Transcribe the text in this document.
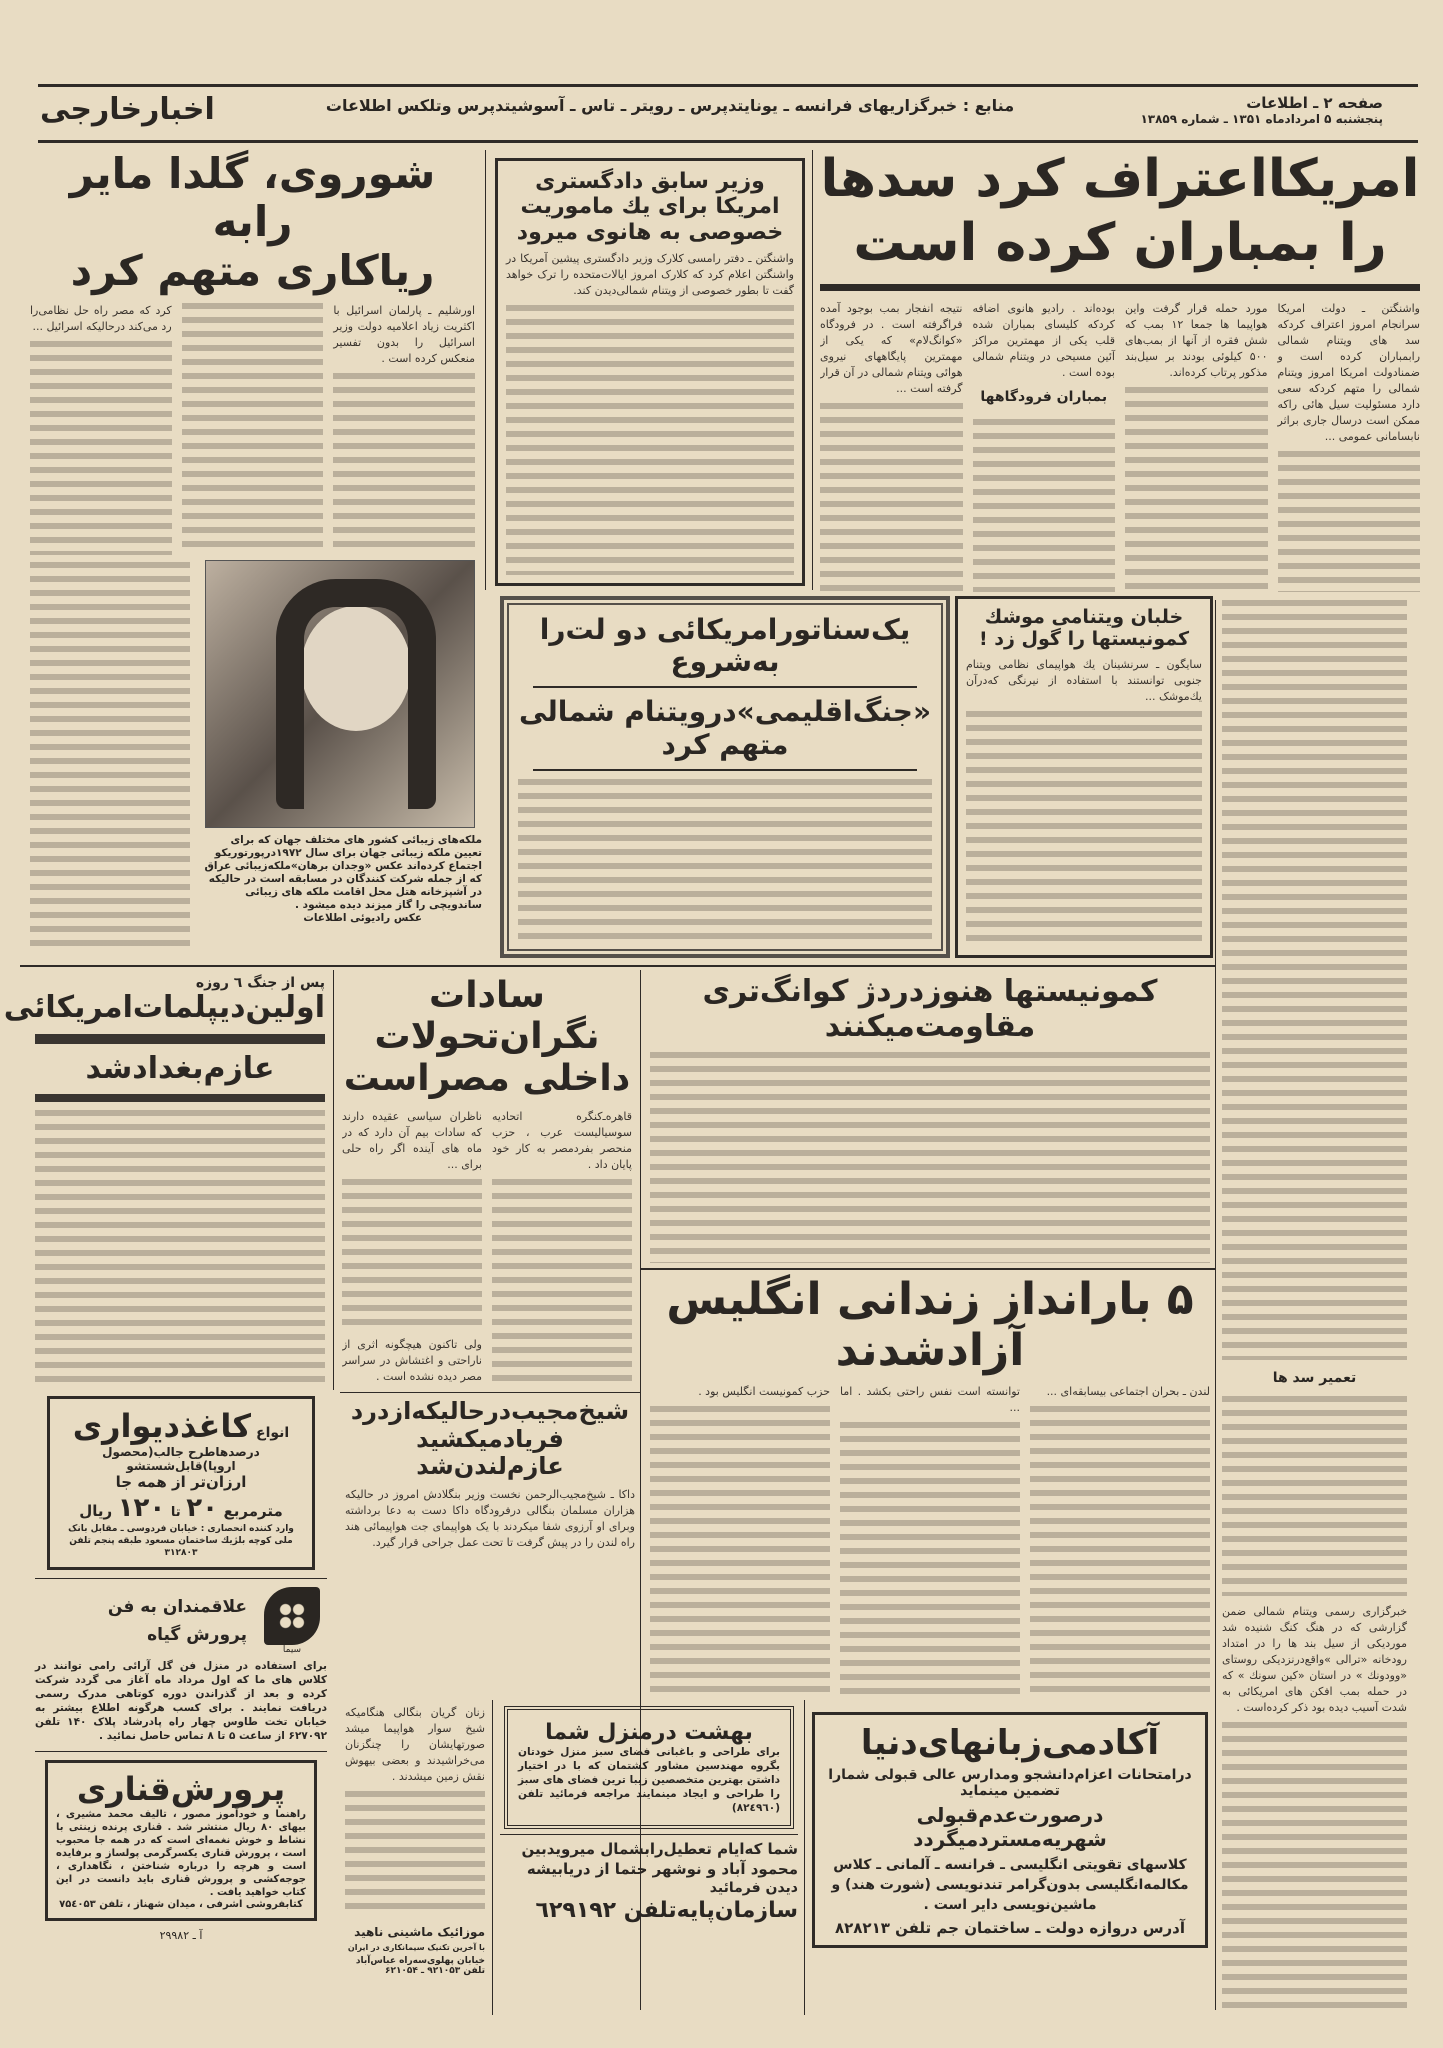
صفحه ۲ ـ اطلاعات
پنجشنبه ۵ امردادماه ۱۳۵۱ ـ شماره ۱۳۸۵۹
منابع : خبرگزاریهای فرانسه ـ یونایتدپرس ـ رویتر ـ تاس ـ آسوشیتدپرس وتلکس اطلاعات
اخبارخارجی
امریکااعتراف کرد سدها
را بمباران کرده است

واشنگتن ـ دولت امریکا سرانجام امروز اعتراف کردکه سد های ویتنام شمالی رابمباران کرده است و ضمنادولت امریکا امروز ویتنام شمالی را متهم کردکه سعی دارد مسئولیت سیل هائی راکه ممکن است درسال جاری براثر نابسامانی عمومی ...

مورد حمله قرار گرفت واین هواپیما ها جمعا ۱۲ بمب که شش فقره از آنها از بمب‌های ۵۰۰ کیلوئی بودند بر سیل‌بند مذکور پرتاب کرده‌اند.

بوده‌اند . رادیو هانوی اضافه کردکه کلیسای بمباران شده قلب یکی از مهمترین مراکز آئین مسیحی در ویتنام شمالی بوده است .

بمباران فرودگاهها

نتیجه انفجار بمب بوجود آمده فراگرفته است . در فرودگاه «کوانگ‌لام» که یکی از مهمترین پایگاههای نیروی هوائی ویتنام شمالی در آن قرار گرفته است ...

تعمیر سد ها

خبرگزاری رسمی ویتنام شمالی ضمن گزارشی که در هنگ کنگ شنیده شد موردیکی از سیل بند ها را در امتداد رودخانه «ترالی »واقع‌درنزدیکی روستای «وودونك » در استان «کین سونك » که در حمله بمب افکن های امریکائی به شدت آسیب دیده بود ذکر کرده‌است .

شوروی، گلدا مایر رابه
ریاکاری متهم کرد

اورشلیم ـ پارلمان اسرائیل با اکثریت زیاد اعلامیه دولت وزیر اسرائیل را بدون تفسیر منعکس کرده است .

کرد که مصر راه حل نظامی‌را رد می‌کند درحالیکه اسرائیل ...

ملکه‌های زیبائی کشور های مختلف جهان که برای تعیین ملکه زیبائی جهان برای سال ۱۹۷۲درپورتوریکو اجتماع کرده‌اند عکس «وجدان برهان»ملکه‌زیبائی عراق که از جمله شرکت کنندگان در مسابقه است در حالیکه در آشپزخانه هتل محل اقامت ملکه های زیبائی ساندویچی را گاز میزند دیده میشود .

عکس رادیوئی اطلاعات

وزیر سابق دادگستری امریکا برای یك ماموریت خصوصی به هانوی میرود

واشنگتن ـ دفتر رامسی کلارک وزیر دادگستری پیشین آمریکا در واشنگتن اعلام کرد که کلارک امروز ایالات‌متحده را ترک خواهد گفت تا بطور خصوصی از ویتنام شمالی‌دیدن کند.

یک‌سناتورامریکائی دو لت‌را به‌شروع
«جنگ‌اقلیمی»درویتنام شمالی متهم کرد
خلبان ویتنامی موشك کمونیستها را گول زد !

سایگون ـ سرنشینان یك هواپیمای نظامی ویتنام جنوبی توانستند با استفاده از نیرنگی که‌درآن یك‌موشک ...

پس از جنگ ٦ روزه
اولین‌دیپلمات‌امریکائی
عازم‌بغدادشد
سادات نگران‌تحولات داخلی مصراست

قاهره‌ـ‌کنگره اتحادیه سوسیالیست عرب ، حزب منحصر بفردمصر به کار خود پایان داد .

ناظران سیاسی عقیده دارند که سادات بیم آن دارد که در ماه های آینده اگر راه حلی برای ...

ولی تاکنون هیچگونه اثری از ناراحتی و اغتشاش در سراسر مصر دیده نشده است .

کمونیستها هنوزدردژ کوانگ‌تری مقاومت‌میکنند
۵ بارانداز زندانی انگلیس آزادشدند

لندن ـ بحران اجتماعی بیسابقه‌ای ...

توانسته است نفس راحتی بکشد . اما ...

حزب کمونیست انگلیس بود .

شیخ‌مجیب‌درحالیکه‌ازدرد
فریادمیکشید عازم‌لندن‌شد

داکا ـ شیخ‌مجیب‌الرحمن نخست وزیر بنگلادش امروز در حالیکه هزاران مسلمان بنگالی درفرودگاه داکا دست به دعا برداشته وبرای او آرزوی شفا میکردند با یک هواپیمای جت هواپیمائی هند راه لندن را در پیش گرفت تا تحت عمل جراحی قرار گیرد.

زنان گریان بنگالی هنگامیکه شیخ سوار هواپیما میشد صورتهایشان را چنگزنان می‌خراشیدند و بعضی بیهوش نقش زمین میشدند .

انواع کاغذدیواری
درصدهاطرح جالب(محصول اروپا)قابل‌شستشو
ارزان‌تر از همه جا
مترمربع ۲۰ تا ۱۲۰ ریال
وارد کننده انحصاری : خیابان فردوسی ـ مقابل بانک ملی کوچه بلژیك ساختمان مسعود طبقه پنجم تلفن ۳۱۲۸۰۳
سیما
علاقمندان به فن
پرورش گیاه

برای استفاده در منزل فن گل آرائی رامی توانند در کلاس های ما که اول مرداد ماه آغاز می گردد شرکت کرده و بعد از گذراندن دوره کوتاهی مدرک رسمی دریافت نمایند . برای کسب هرگونه اطلاع بیشتر به خیابان تخت طاوس چهار راه پادرشاد پلاک ۱۴۰ تلفن ۶۲۷۰۹۲ از ساعت ۵ تا ۸ تماس حاصل نمائید .

پرورش‌قناری

راهنما و خودآموز مصور ، تالیف محمد مشیری ، بیهای ۸۰ ریال منتشر شد . قناری پرنده زینتی با نشاط و خوش نغمه‌ای است که در همه جا محبوب است ، پرورش قناری یکسرگرمی پولساز و برفایده است و هرچه را درباره شناختن ، نگاهداری ، جوجه‌کشی و پرورش قناری باید دانست در این کتاب خواهید یافت .

کتابفروشی اشرفی ، میدان شهناز ، تلفن ۷۵٤۰۵۳
آ ـ ۲۹۹۸۲	موزائیک ماشینی ناهید
با آخرین تکنیک سیمانکاری در ایران
خیابان پهلوی‌سه‌راه عباس‌آباد تلفن ۹۲۱۰۵۳ ـ ۶۲۱۰۵۴
بهشت درمنزل شما

برای طراحی و باغبانی فضای سبز منزل خودتان بگروه مهندسین مشاور کشتمان که با در اختیار داشتن بهترین متخصصین زیبا ترین فضای های سبز را طراحی و ایجاد مینمایند مراجعه فرمائید تلفن (۸۲٤۹٦۰)

شما که‌ایام تعطیل‌رابشمال میرویدبین
محمود آباد و نوشهر حتما از دریابیشه
دیدن فرمائید
سازمان‌پایه‌تلفن ٦۲۹۱۹۲
آکادمی‌زبانهای‌دنیا
درامتحانات اعزام‌دانشجو ومدارس عالی قبولی شمارا تضمین مینماید
درصورت‌عدم‌قبولی شهریه‌مستردمیگردد
کلاسهای تقویتی انگلیسی ـ فرانسه ـ آلمانی ـ کلاس مکالمه‌انگلیسی بدون‌گرامر تندنویسی (شورت هند) و ماشین‌نویسی دایر است .
آدرس دروازه دولت ـ ساختمان جم تلفن ۸۲۸۲۱۳
